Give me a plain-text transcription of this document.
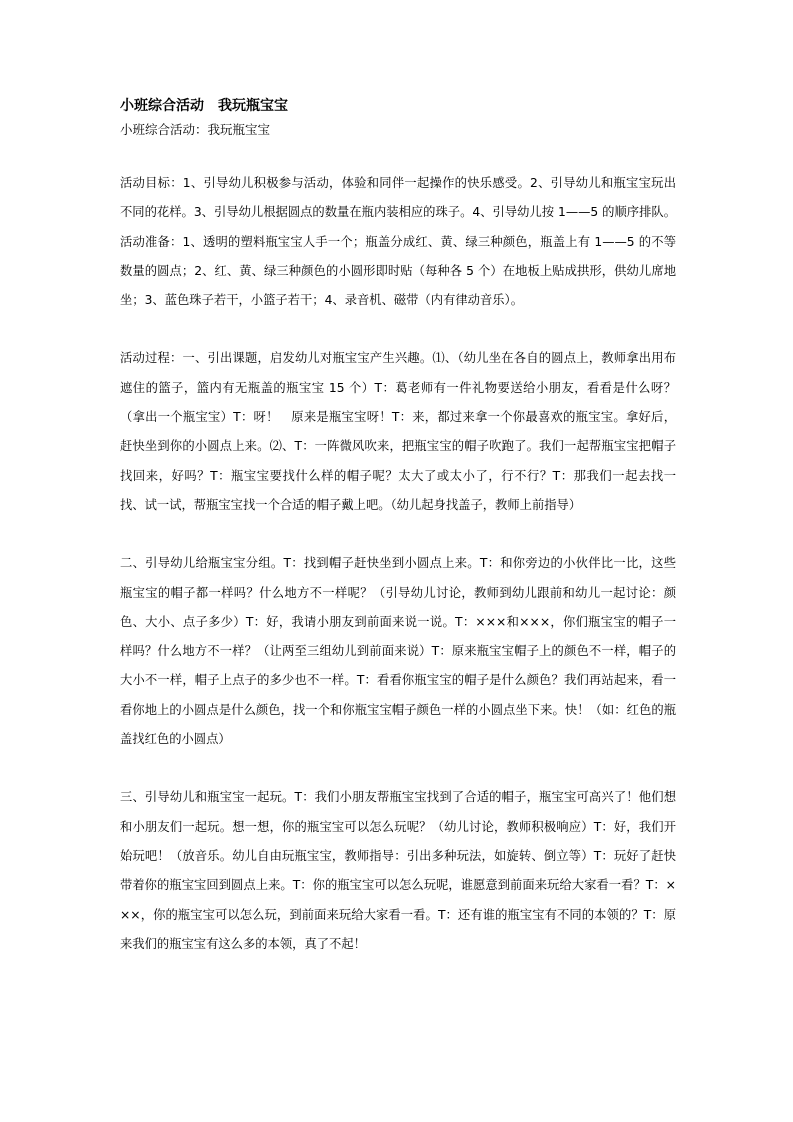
小班综合活动　我玩瓶宝宝

小班综合活动：我玩瓶宝宝

活动目标：1、引导幼儿积极参与活动，体验和同伴一起操作的快乐感受。2、引导幼儿和瓶宝宝玩出不同的花样。3、引导幼儿根据圆点的数量在瓶内装相应的珠子。4、引导幼儿按 1——5 的顺序排队。活动准备：1、透明的塑料瓶宝宝人手一个；瓶盖分成红、黄、绿三种颜色，瓶盖上有 1——5 的不等数量的圆点；2、红、黄、绿三种颜色的小圆形即时贴（每种各 5 个）在地板上贴成拱形，供幼儿席地坐；3、蓝色珠子若干，小篮子若干；4、录音机、磁带（内有律动音乐）。

活动过程：一、引出课题，启发幼儿对瓶宝宝产生兴趣。⑴、（幼儿坐在各自的圆点上，教师拿出用布遮住的篮子，篮内有无瓶盖的瓶宝宝 15 个）T：葛老师有一件礼物要送给小朋友，看看是什么呀？（拿出一个瓶宝宝）T：呀！　原来是瓶宝宝呀！T：来，都过来拿一个你最喜欢的瓶宝宝。拿好后，赶快坐到你的小圆点上来。⑵、T：一阵微风吹来，把瓶宝宝的帽子吹跑了。我们一起帮瓶宝宝把帽子找回来，好吗？T：瓶宝宝要找什么样的帽子呢？太大了或太小了，行不行？T：那我们一起去找一找、试一试，帮瓶宝宝找一个合适的帽子戴上吧。（幼儿起身找盖子，教师上前指导）

二、引导幼儿给瓶宝宝分组。T：找到帽子赶快坐到小圆点上来。T：和你旁边的小伙伴比一比，这些瓶宝宝的帽子都一样吗？什么地方不一样呢？（引导幼儿讨论，教师到幼儿跟前和幼儿一起讨论：颜色、大小、点子多少）T：好，我请小朋友到前面来说一说。T：×××和×××，你们瓶宝宝的帽子一样吗？什么地方不一样？（让两至三组幼儿到前面来说）T：原来瓶宝宝帽子上的颜色不一样，帽子的大小不一样，帽子上点子的多少也不一样。T：看看你瓶宝宝的帽子是什么颜色？我们再站起来，看一看你地上的小圆点是什么颜色，找一个和你瓶宝宝帽子颜色一样的小圆点坐下来。快！（如：红色的瓶盖找红色的小圆点）

三、引导幼儿和瓶宝宝一起玩。T：我们小朋友帮瓶宝宝找到了合适的帽子，瓶宝宝可高兴了！他们想和小朋友们一起玩。想一想，你的瓶宝宝可以怎么玩呢？（幼儿讨论，教师积极响应）T：好，我们开始玩吧！（放音乐。幼儿自由玩瓶宝宝，教师指导：引出多种玩法，如旋转、倒立等）T：玩好了赶快带着你的瓶宝宝回到圆点上来。T：你的瓶宝宝可以怎么玩呢，谁愿意到前面来玩给大家看一看？T：×××，你的瓶宝宝可以怎么玩，到前面来玩给大家看一看。T：还有谁的瓶宝宝有不同的本领的？T：原来我们的瓶宝宝有这么多的本领，真了不起！
